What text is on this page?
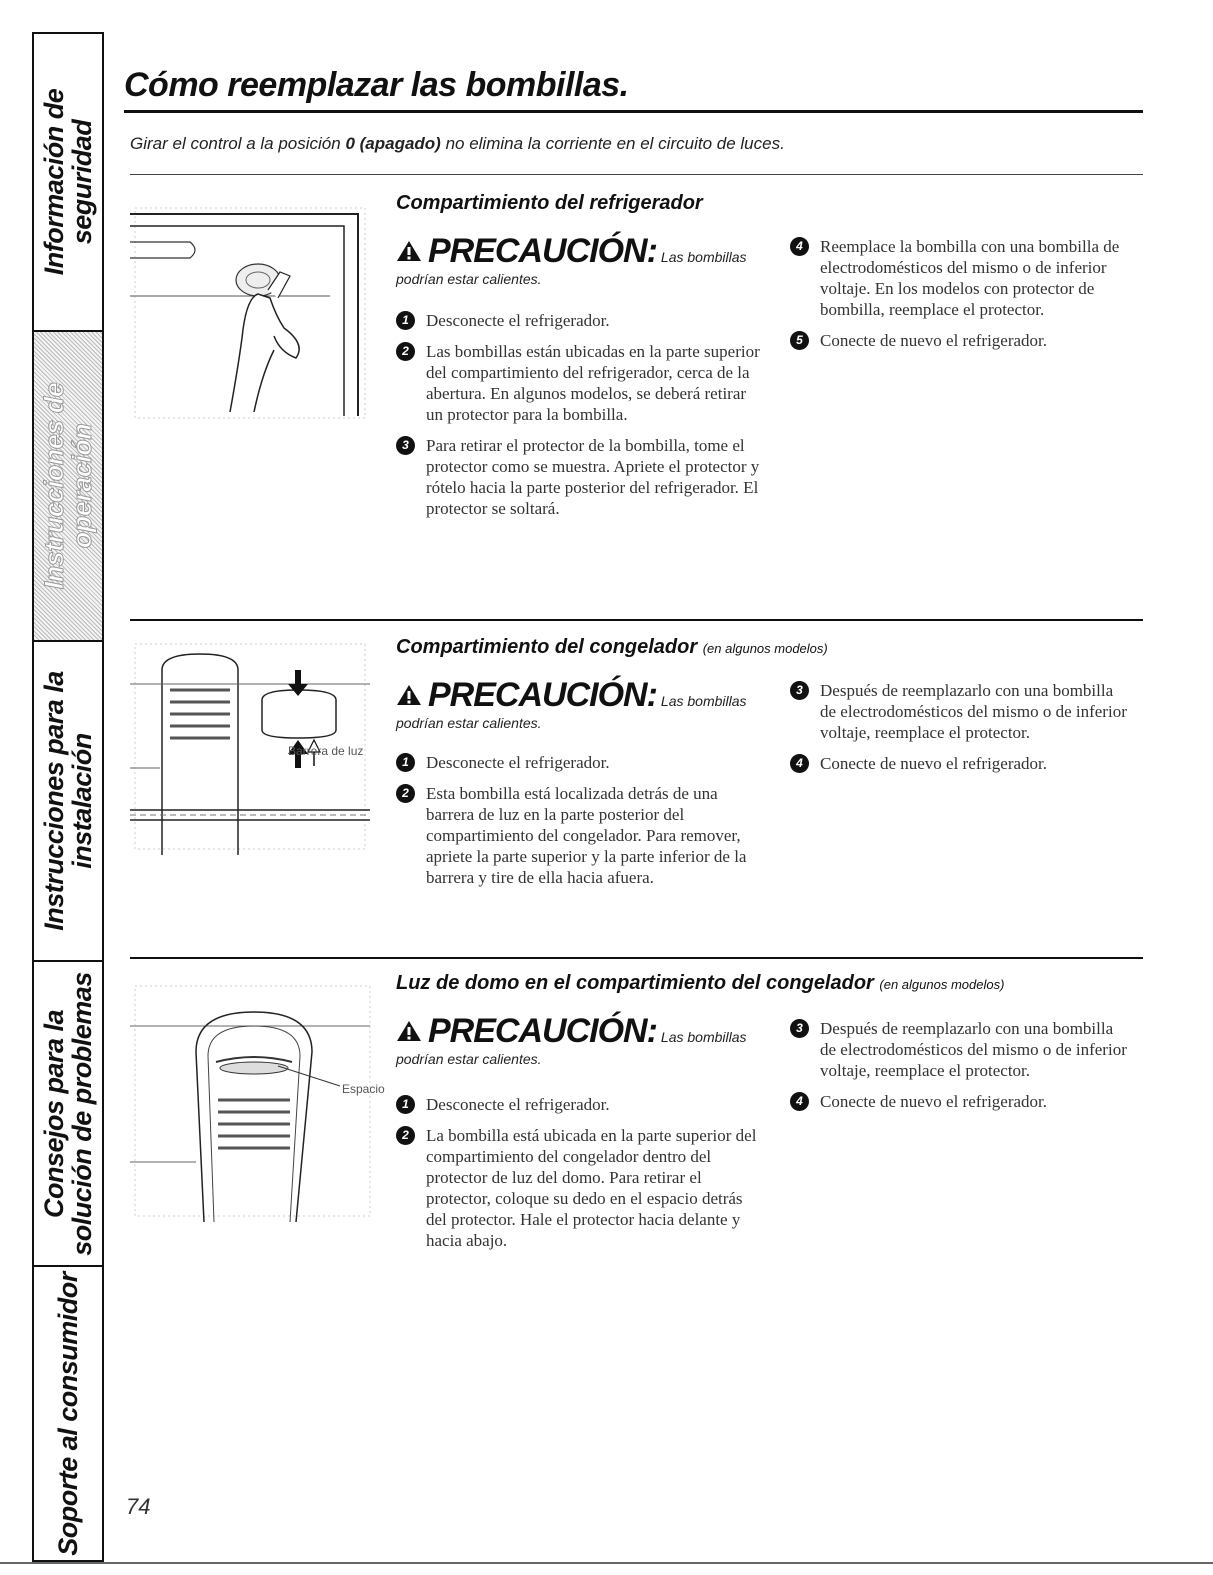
Información de
seguridad
Instrucciones de
operación
Instrucciones para la
instalación
Consejos para la
solución de problemas
Soporte al consumidor
Cómo reemplazar las bombillas.
Girar el control a la posición 0 (apagado) no elimina la corriente en el circuito de luces.
Compartimiento del refrigerador
PRECAUCIÓN: Las bombillas
podrían estar calientes.
1	Desconecte el refrigerador.
2	Las bombillas están ubicadas en la parte superior del compartimiento del refrigerador, cerca de la abertura. En algunos modelos, se deberá retirar un protector para la bombilla.
3	Para retirar el protector de la bombilla, tome el protector como se muestra. Apriete el protector y rótelo hacia la parte posterior del refrigerador. El protector se soltará.
4	Reemplace la bombilla con una bombilla de electrodomésticos del mismo o de inferior voltaje. En los modelos con protector de bombilla, reemplace el protector.
5	Conecte de nuevo el refrigerador.
Barrera de luz
Compartimiento del congelador (en algunos modelos)
PRECAUCIÓN: Las bombillas
podrían estar calientes.
1	Desconecte el refrigerador.
2	Esta bombilla está localizada detrás de una barrera de luz en la parte posterior del compartimiento del congelador. Para remover, apriete la parte superior y la parte inferior de la barrera y tire de ella hacia afuera.
3	Después de reemplazarlo con una bombilla de electrodomésticos del mismo o de inferior voltaje, reemplace el protector.
4	Conecte de nuevo el refrigerador.
Espacio
Luz de domo en el compartimiento del congelador (en algunos modelos)
PRECAUCIÓN: Las bombillas
podrían estar calientes.
1	Desconecte el refrigerador.
2	La bombilla está ubicada en la parte superior del compartimiento del congelador dentro del protector de luz del domo. Para retirar el protector, coloque su dedo en el espacio detrás del protector. Hale el protector hacia delante y hacia abajo.
3	Después de reemplazarlo con una bombilla de electrodomésticos del mismo o de inferior voltaje, reemplace el protector.
4	Conecte de nuevo el refrigerador.
74
